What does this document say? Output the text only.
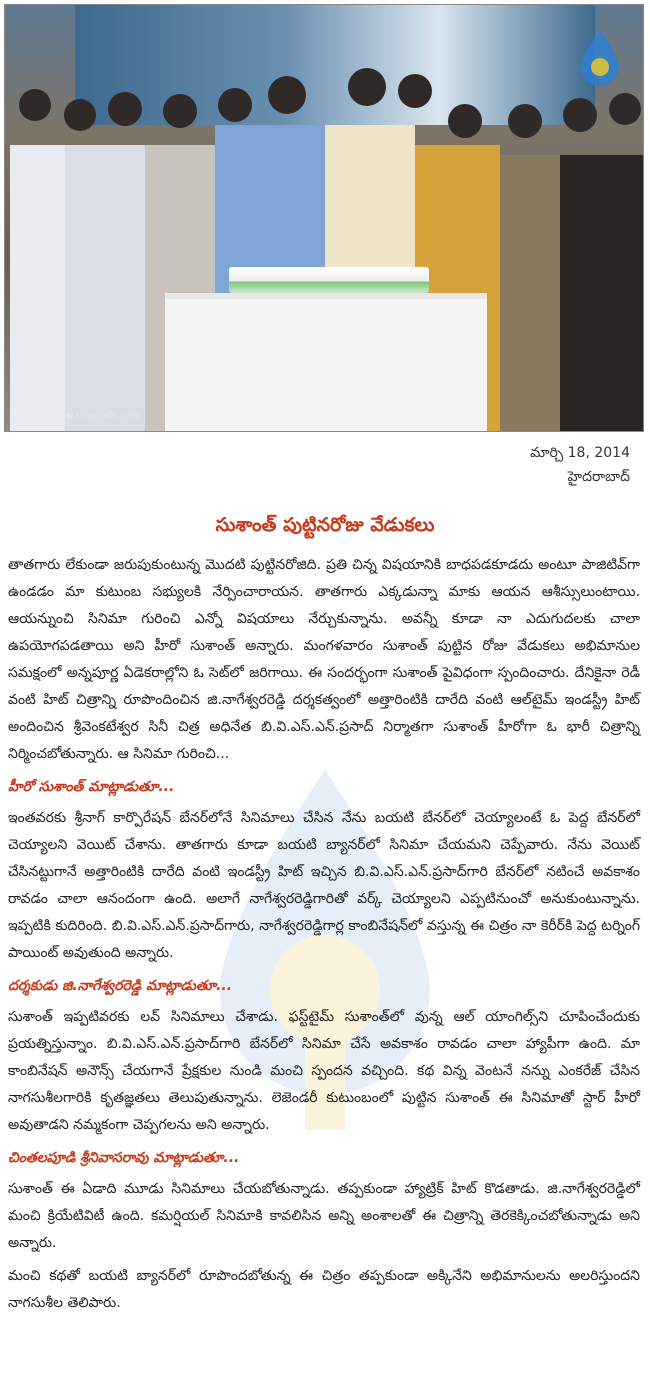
www.cinejosh.com
మార్చి 18, 2014
హైదరాబాద్
సుశాంత్ పుట్టినరోజు వేడుకలు

తాతగారు లేకుండా జరుపుకుంటున్న మొదటి పుట్టినరోజిది. ప్రతి చిన్న విషయానికి బాధపడకూడదు అంటూ పాజిటివ్‌గా ఉండడం మా కుటుంబ సభ్యులకి నేర్పించారాయన. తాతగారు ఎక్కడున్నా మాకు ఆయన ఆశీస్సులుంటాయి. ఆయన్నుంచి సినిమా గురించి ఎన్నో విషయాలు నేర్చుకున్నాను. అవన్నీ కూడా నా ఎదుగుదలకు చాలా ఉపయోగపడతాయి అని హీరో సుశాంత్ అన్నారు. మంగళవారం సుశాంత్ పుట్టిన రోజు వేడుకలు అభిమానుల సమక్షంలో అన్నపూర్ణ ఏడెకరాల్లోని ఓ సెట్‌లో జరిగాయి. ఈ సందర్భంగా సుశాంత్ పైవిధంగా స్పందించారు. దేనికైనా రెడీ వంటి హిట్ చిత్రాన్ని రూపొందించిన జి.నాగేశ్వరరెడ్డి దర్శకత్వంలో అత్తారింటికి దారేది వంటి ఆల్‌టైమ్ ఇండస్ట్రీ హిట్ అందించిన శ్రీవెంకటేశ్వర సినీ చిత్ర అధినేత బి.వి.ఎస్.ఎన్.ప్రసాద్ నిర్మాతగా సుశాంత్ హీరోగా ఓ భారీ చిత్రాన్ని నిర్మించబోతున్నారు. ఆ సినిమా గురించి...

హీరో సుశాంత్ మాట్లాడుతూ...

ఇంతవరకు శ్రీనాగ్ కార్పొరేషన్ బేనర్‌లోనే సినిమాలు చేసిన నేను బయటి బేనర్‌లో చెయ్యాలంటే ఓ పెద్ద బేనర్‌లో చెయ్యాలని వెయిట్ చేశాను. తాతగారు కూడా బయటి బ్యానర్‌లో సినిమా చేయమని చెప్పేవారు. నేను వెయిట్ చేసినట్టుగానే అత్తారింటికి దారేది వంటి ఇండస్ట్రీ హిట్ ఇచ్చిన బి.వి.ఎస్.ఎన్.ప్రసాద్‌గారి బేనర్‌లో నటించే అవకాశం రావడం చాలా ఆనందంగా ఉంది. అలాగే నాగేశ్వరరెడ్డిగారితో వర్క్ చెయ్యాలని ఎప్పటినుంచో అనుకుంటున్నాను. ఇప్పటికి కుదిరింది. బి.వి.ఎస్.ఎన్.ప్రసాద్‌గారు, నాగేశ్వరరెడ్డిగార్ల కాంబినేషన్‌లో వస్తున్న ఈ చిత్రం నా కెరీర్‌కి పెద్ద టర్నింగ్ పాయింట్ అవుతుంది అన్నారు.

దర్శకుడు జి.నాగేశ్వరరెడ్డి మాట్లాడుతూ...

సుశాంత్ ఇప్పటివరకు లవ్ సినిమాలు చేశాడు. ఫస్ట్‌టైమ్ సుశాంత్‌లో వున్న ఆల్ యాంగిల్స్‌ని చూపించేందుకు ప్రయత్నిస్తున్నాం. బి.వి.ఎస్.ఎన్.ప్రసాద్‌గారి బేనర్‌లో సినిమా చేసే అవకాశం రావడం చాలా హ్యాపీగా ఉంది. మా కాంబినేషన్ అనౌన్స్ చేయగానే ప్రేక్షకుల నుండి మంచి స్పందన వచ్చింది. కథ విన్న వెంటనే నన్ను ఎంకరేజ్ చేసిన నాగసుశీలగారికి కృతజ్ఞతలు తెలుపుతున్నాను. లెజెండరీ కుటుంబంలో పుట్టిన సుశాంత్ ఈ సినిమాతో స్టార్ హీరో అవుతాడని నమ్మకంగా చెప్పగలను అని అన్నారు.

చింతలపూడి శ్రీనివాసరావు మాట్లాడుతూ...

సుశాంత్ ఈ ఏడాది మూడు సినిమాలు చేయబోతున్నాడు. తప్పకుండా హ్యాట్రిక్ హిట్ కొడతాడు. జి.నాగేశ్వరరెడ్డిలో మంచి క్రియేటివిటీ ఉంది. కమర్షియల్ సినిమాకి కావలిసిన అన్ని అంశాలతో ఈ చిత్రాన్ని తెరకెక్కించబోతున్నాడు అని అన్నారు.

మంచి కథతో బయటి బ్యానర్‌లో రూపొందబోతున్న ఈ చిత్రం తప్పకుండా అక్కినేని అభిమానులను అలరిస్తుందని నాగసుశీల తెలిపారు.
